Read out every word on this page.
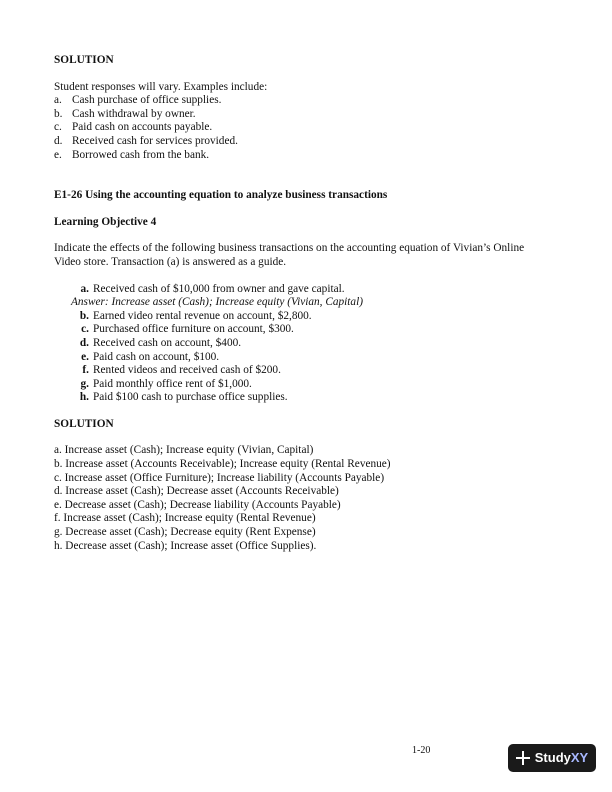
SOLUTION

Student responses will vary. Examples include:

a. Cash purchase of office supplies.
b. Cash withdrawal by owner.
c. Paid cash on accounts payable.
d. Received cash for services provided.
e. Borrowed cash from the bank.

E1-26 Using the accounting equation to analyze business transactions

Learning Objective 4

Indicate the effects of the following business transactions on the accounting equation of Vivian’s Online
Video store. Transaction (a) is answered as a guide.

a. Received cash of $10,000 from owner and gave capital.
Answer: Increase asset (Cash); Increase equity (Vivian, Capital)
b. Earned video rental revenue on account, $2,800.
c. Purchased office furniture on account, $300.
d. Received cash on account, $400.
e. Paid cash on account, $100.
f. Rented videos and received cash of $200.
g. Paid monthly office rent of $1,000.
h. Paid $100 cash to purchase office supplies.

SOLUTION

a. Increase asset (Cash); Increase equity (Vivian, Capital)
b. Increase asset (Accounts Receivable); Increase equity (Rental Revenue)
c. Increase asset (Office Furniture); Increase liability (Accounts Payable)
d. Increase asset (Cash); Decrease asset (Accounts Receivable)
e. Decrease asset (Cash); Decrease liability (Accounts Payable)
f. Increase asset (Cash); Increase equity (Rental Revenue)
g. Decrease asset (Cash); Decrease equity (Rent Expense)
h. Decrease asset (Cash); Increase asset (Office Supplies).
1-20	StudyXY
